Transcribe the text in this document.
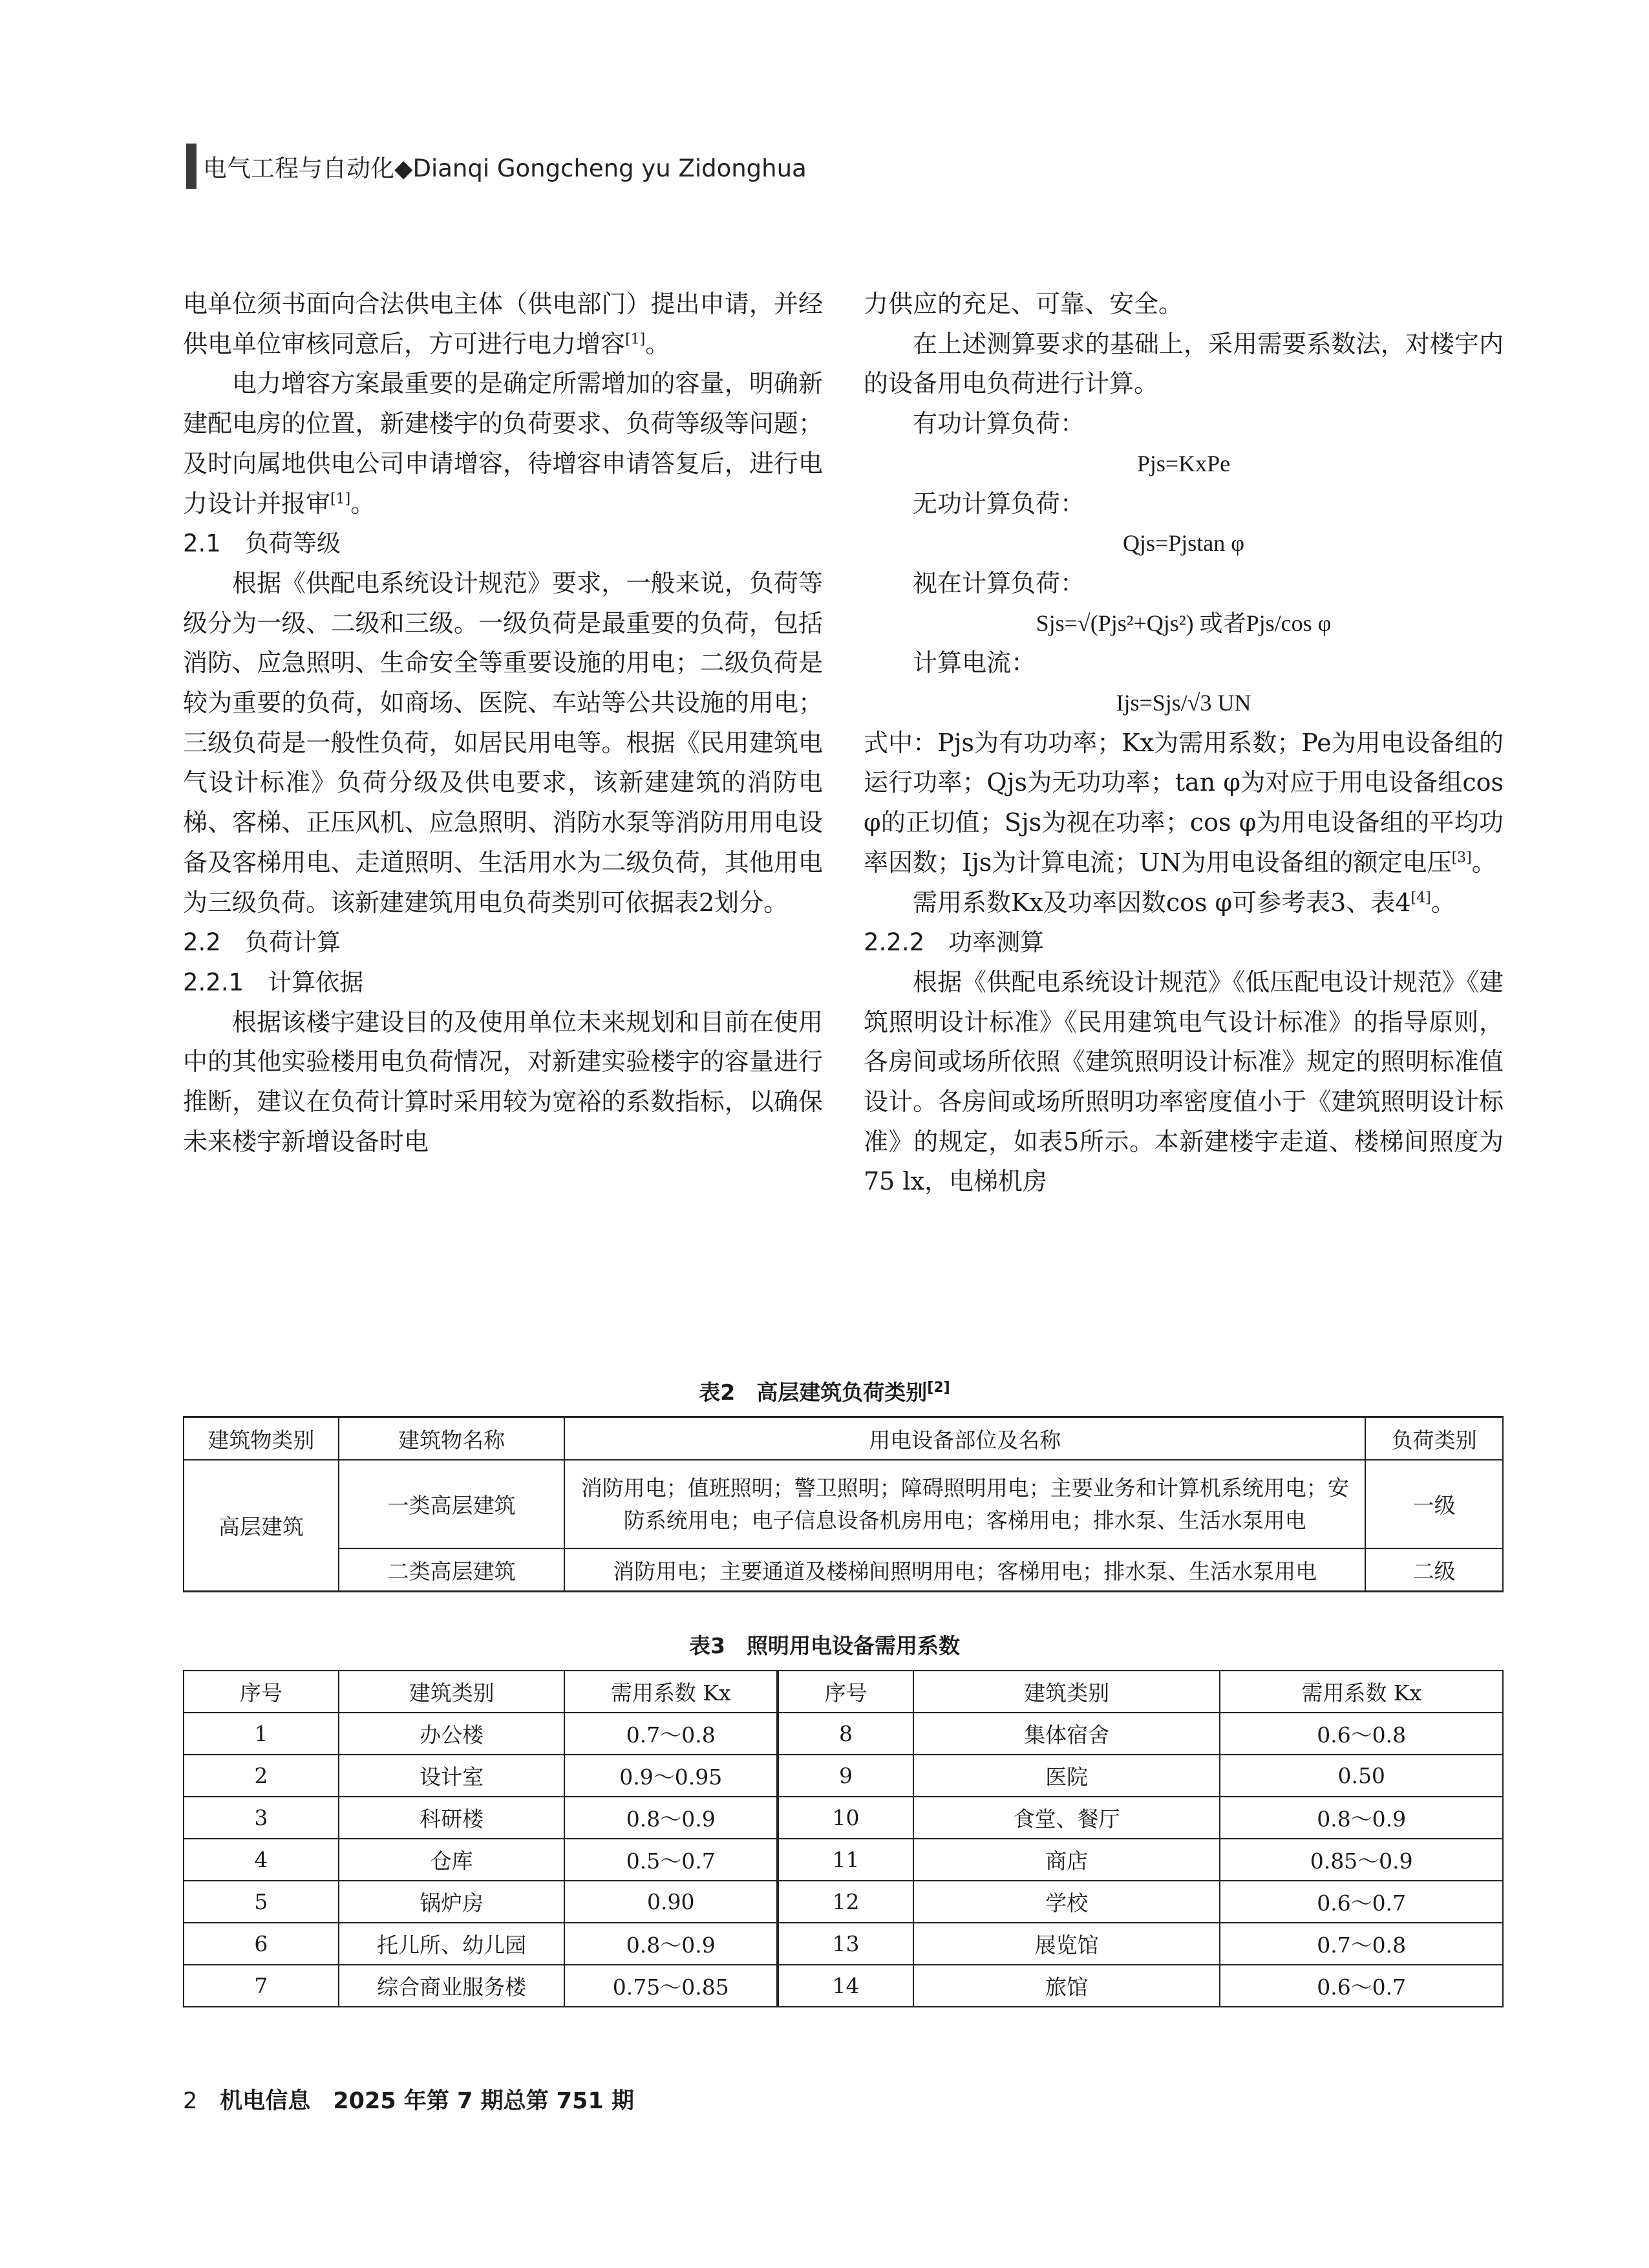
电气工程与自动化◆Dianqi Gongcheng yu Zidonghua

电单位须书面向合法供电主体（供电部门）提出申请，并经供电单位审核同意后，方可进行电力增容[1]。

电力增容方案最重要的是确定所需增加的容量，明确新建配电房的位置，新建楼宇的负荷要求、负荷等级等问题；及时向属地供电公司申请增容，待增容申请答复后，进行电力设计并报审[1]。

2.1　负荷等级

根据《供配电系统设计规范》要求，一般来说，负荷等级分为一级、二级和三级。一级负荷是最重要的负荷，包括消防、应急照明、生命安全等重要设施的用电；二级负荷是较为重要的负荷，如商场、医院、车站等公共设施的用电；三级负荷是一般性负荷，如居民用电等。根据《民用建筑电气设计标准》负荷分级及供电要求，该新建建筑的消防电梯、客梯、正压风机、应急照明、消防水泵等消防用用电设备及客梯用电、走道照明、生活用水为二级负荷，其他用电为三级负荷。该新建建筑用电负荷类别可依据表2划分。

2.2　负荷计算

2.2.1　计算依据

根据该楼宇建设目的及使用单位未来规划和目前在使用中的其他实验楼用电负荷情况，对新建实验楼宇的容量进行推断，建议在负荷计算时采用较为宽裕的系数指标，以确保未来楼宇新增设备时电

力供应的充足、可靠、安全。

在上述测算要求的基础上，采用需要系数法，对楼宇内的设备用电负荷进行计算。

有功计算负荷：

Pjs=KxPe

无功计算负荷：

Qjs=Pjstan φ

视在计算负荷：

Sjs=√(Pjs²+Qjs²) 或者Pjs/cos φ

计算电流：

Ijs=Sjs/√3 UN

式中：Pjs为有功功率；Kx为需用系数；Pe为用电设备组的运行功率；Qjs为无功功率；tan φ为对应于用电设备组cos φ的正切值；Sjs为视在功率；cos φ为用电设备组的平均功率因数；Ijs为计算电流；UN为用电设备组的额定电压[3]。

需用系数Kx及功率因数cos φ可参考表3、表4[4]。

2.2.2　功率测算

根据《供配电系统设计规范》《低压配电设计规范》《建筑照明设计标准》《民用建筑电气设计标准》的指导原则，各房间或场所依照《建筑照明设计标准》规定的照明标准值设计。各房间或场所照明功率密度值小于《建筑照明设计标准》的规定，如表5所示。本新建楼宇走道、楼梯间照度为75 lx，电梯机房

表2　高层建筑负荷类别[2]
建筑物类别	建筑物名称	用电设备部位及名称	负荷类别
高层建筑	一类高层建筑	消防用电；值班照明；警卫照明；障碍照明用电；主要业务和计算机系统用电；安防系统用电；电子信息设备机房用电；客梯用电；排水泵、生活水泵用电	一级
	二类高层建筑	消防用电；主要通道及楼梯间照明用电；客梯用电；排水泵、生活水泵用电	二级
表3　照明用电设备需用系数
序号	建筑类别	需用系数 Kx	序号	建筑类别	需用系数 Kx
1	办公楼	0.7～0.8	8	集体宿舍	0.6～0.8
2	设计室	0.9～0.95	9	医院	0.50
3	科研楼	0.8～0.9	10	食堂、餐厅	0.8～0.9
4	仓库	0.5～0.7	11	商店	0.85～0.9
5	锅炉房	0.90	12	学校	0.6～0.7
6	托儿所、幼儿园	0.8～0.9	13	展览馆	0.7～0.8
7	综合商业服务楼	0.75～0.85	14	旅馆	0.6～0.7
2　 机电信息　2025 年第 7 期总第 751 期
